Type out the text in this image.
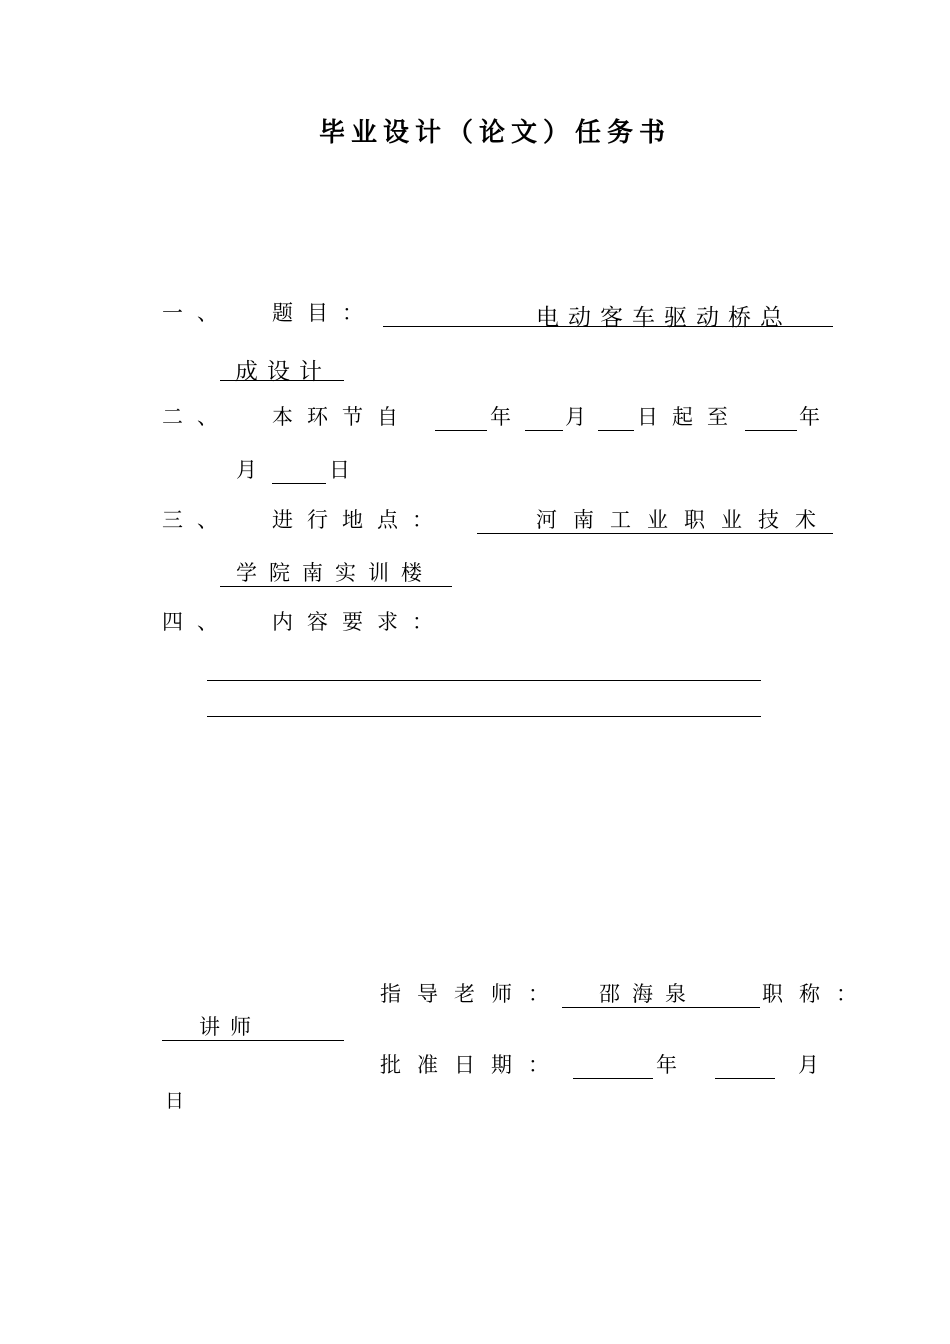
毕业设计（论文）任务书
一、 题目：	电动客车驱动桥总
成设计
二、 本环节自	年	月 日起至	年
月	日
三、 进行地点：	河南工业职业技术
学院南实训楼
四、 内容要求：
指导老师： 邵海泉	职称：
讲师
批准日期：	年	月
日
